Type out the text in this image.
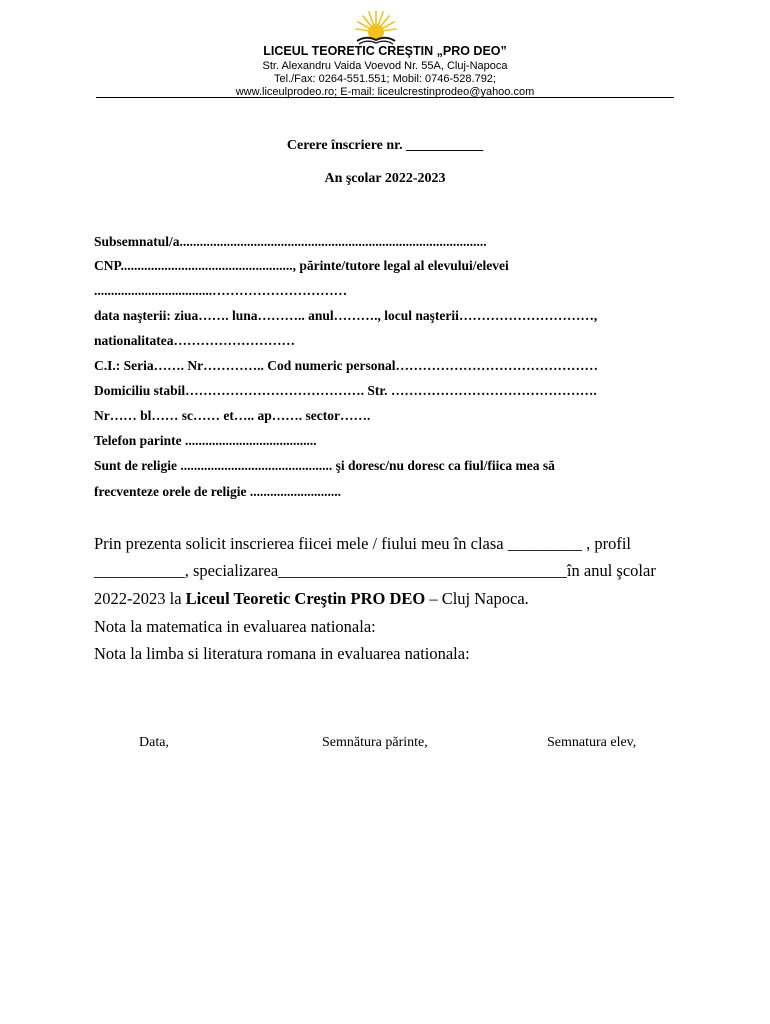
LICEUL TEORETIC CREŞTIN „PRO DEO”
Str. Alexandru Vaida Voevod Nr. 55A, Cluj-Napoca
Tel./Fax: 0264-551.551; Mobil: 0746-528.792;
www.liceulprodeo.ro; E-mail: liceulcrestinprodeo@yahoo.com
Cerere înscriere nr. ___________
An şcolar 2022-2023
Subsemnatul/a...........................................................................................
CNP..................................................., părinte/tutore legal al elevului/elevei
...................................…………………………
data naşterii: ziua……. luna……….. anul………., locul naşterii…………………………,
nationalitatea………………………
C.I.: Seria……. Nr………….. Cod numeric personal………………………………………
Domiciliu stabil…………………………………. Str. ……………………………………….
Nr…… bl…… sc…… et….. ap……. sector…….
Telefon parinte .......................................
Sunt de religie ............................................. şi doresc/nu doresc ca fiul/fiica mea să
frecventeze orele de religie ...........................
Prin prezenta solicit inscrierea fiicei mele / fiului meu în clasa _________ , profil
___________, specializarea___________________________________în anul şcolar
2022-2023 la Liceul Teoretic Creştin PRO DEO – Cluj Napoca.
Nota la matematica in evaluarea nationala:
Nota la limba si literatura romana in evaluarea nationala:
Data,	Semnătura părinte,	Semnatura elev,
